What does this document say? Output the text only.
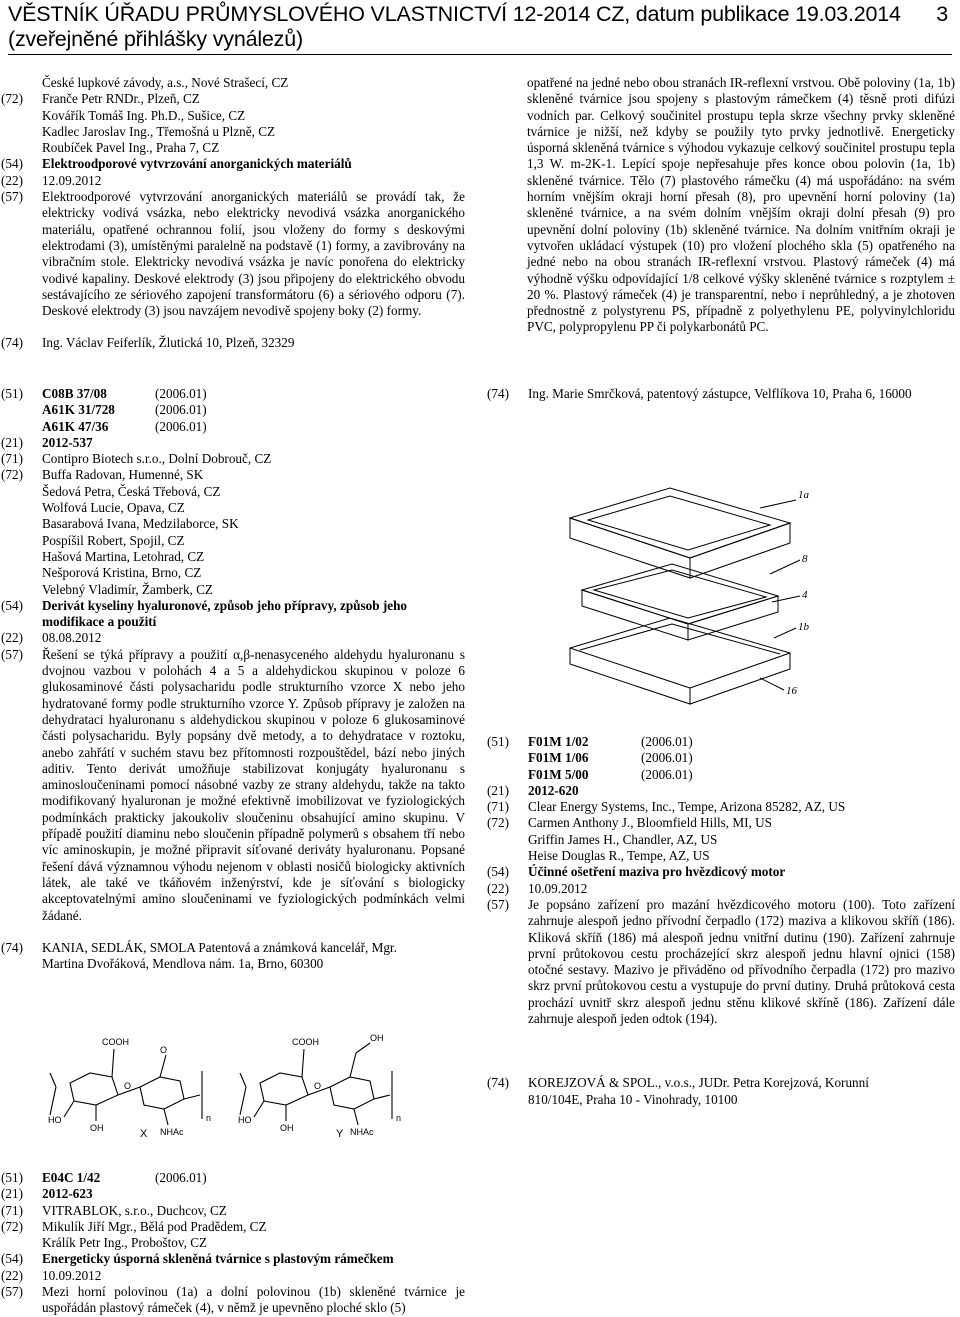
VĚSTNÍK ÚŘADU PRŮMYSLOVÉHO VLASTNICTVÍ 12-2014 CZ, datum publikace 19.03.2014
(zveřejněné přihlášky vynálezů)
3
České lupkové závody, a.s., Nové Strašecí, CZ
(72)	Franče Petr RNDr., Plzeň, CZ
Kovářík Tomáš Ing. Ph.D., Sušice, CZ
Kadlec Jaroslav Ing., Třemošná u Plzně, CZ
Roubíček Pavel Ing., Praha 7, CZ
(54)	Elektroodporové vytvrzování anorganických materiálů
(22)	12.09.2012
(57)	Elektroodporové vytvrzování anorganických materiálů se provádí tak, že elektricky vodivá vsázka, nebo elektricky nevodivá vsázka anorganického materiálu, opatřené ochrannou folií, jsou vloženy do formy s deskovými elektrodami (3), umístěnými paralelně na podstavě (1) formy, a zavibrovány na vibračním stole. Elektricky nevodivá vsázka je navíc ponořena do elektricky vodivé kapaliny. Deskové elektrody (3) jsou připojeny do elektrického obvodu sestávajícího ze sériového zapojení transformátoru (6) a sériového odporu (7). Deskové elektrody (3) jsou navzájem nevodivě spojeny boky (2) formy.
(74)	Ing. Václav Feiferlík, Žlutická 10, Plzeň, 32329
(51)	C08B 37/08	(2006.01)
A61K 31/728	(2006.01)
A61K 47/36	(2006.01)
(21)	2012-537
(71)	Contipro Biotech s.r.o., Dolní Dobrouč, CZ
(72)	Buffa Radovan, Humenné, SK
Šedová Petra, Česká Třebová, CZ
Wolfová Lucie, Opava, CZ
Basarabová Ivana, Medzilaborce, SK
Pospíšil Robert, Spojil, CZ
Hašová Martina, Letohrad, CZ
Nešporová Kristina, Brno, CZ
Velebný Vladimír, Žamberk, CZ
(54)	Derivát kyseliny hyaluronové, způsob jeho přípravy, způsob jeho modifikace a použití
(22)	08.08.2012
(57)	Řešení se týká přípravy a použití α,β-nenasyceného aldehydu hyaluronanu s dvojnou vazbou v polohách 4 a 5 a aldehydickou skupinou v poloze 6 glukosaminové části polysacharidu podle strukturního vzorce X nebo jeho hydratované formy podle strukturního vzorce Y. Způsob přípravy je založen na dehydrataci hyaluronanu s aldehydickou skupinou v poloze 6 glukosaminové části polysacharidu. Byly popsány dvě metody, a to dehydratace v roztoku, anebo zahřátí v suchém stavu bez přítomnosti rozpouštědel, bází nebo jiných aditiv. Tento derivát umožňuje stabilizovat konjugáty hyaluronanu s aminosloučeninami pomocí násobné vazby ze strany aldehydu, takže na takto modifikovaný hyaluronan je možné efektivně imobilizovat ve fyziologických podmínkách prakticky jakoukoliv sloučeninu obsahující amino skupinu. V případě použití diaminu nebo sloučenin případně polymerů s obsahem tří nebo víc aminoskupin, je možné připravit síťované deriváty hyaluronanu. Popsané řešení dává významnou výhodu nejenom v oblasti nosičů biologicky aktivních látek, ale také ve tkáňovém inženýrství, kde je síťování s biologicky akceptovatelnými amino sloučeninami ve fyziologických podmínkách velmi žádané.
(74)	KANIA, SEDLÁK, SMOLA Patentová a známková kancelář, Mgr.
Martina Dvořáková, Mendlova nám. 1a, Brno, 60300
COOH
OH
HO
O
NHAc
O
n
COOH
OH
HO
O
NHAc
OH
n
X	Y
(51)	E04C 1/42	(2006.01)
(21)	2012-623
(71)	VITRABLOK, s.r.o., Duchcov, CZ
(72)	Mikulík Jiří Mgr., Bělá pod Pradědem, CZ
Králík Petr Ing., Proboštov, CZ
(54)	Energeticky úsporná skleněná tvárnice s plastovým rámečkem
(22)	10.09.2012
(57)	Mezi horní polovinou (1a) a dolní polovinou (1b) skleněné tvárnice je uspořádán plastový rámeček (4), v němž je upevněno ploché sklo (5)
opatřené na jedné nebo obou stranách IR-reflexní vrstvou. Obě poloviny (1a, 1b) skleněné tvárnice jsou spojeny s plastovým rámečkem (4) těsně proti difúzi vodních par. Celkový součinitel prostupu tepla skrze všechny prvky skleněné tvárnice je nižší, než kdyby se použily tyto prvky jednotlivě. Energeticky úsporná skleněná tvárnice s výhodou vykazuje celkový součinitel prostupu tepla 1,3 W. m-2K-1. Lepící spoje nepřesahuje přes konce obou polovin (1a, 1b) skleněné tvárnice. Tělo (7) plastového rámečku (4) má uspořádáno: na svém horním vnějším okraji horní přesah (8), pro upevnění horní poloviny (1a) skleněné tvárnice, a na svém dolním vnějším okraji dolní přesah (9) pro upevnění dolní poloviny (1b) skleněné tvárnice. Na dolním vnitřním okraji je vytvořen ukládací výstupek (10) pro vložení plochého skla (5) opatřeného na jedné nebo na obou stranách IR-reflexní vrstvou. Plastový rámeček (4) má výhodně výšku odpovídající 1/8 celkové výšky skleněné tvárnice s rozptylem ± 20 %. Plastový rámeček (4) je transparentní, nebo i neprůhledný, a je zhotoven přednostně z polystyrenu PS, případně z polyethylenu PE, polyvinylchloridu PVC, polypropylenu PP či polykarbonátů PC.
(74)	Ing. Marie Smrčková, patentový zástupce, Velflíkova 10, Praha 6, 16000
1a
8
4
1b
16
(51)	F01M 1/02	(2006.01)
F01M 1/06	(2006.01)
F01M 5/00	(2006.01)
(21)	2012-620
(71)	Clear Energy Systems, Inc., Tempe, Arizona 85282, AZ, US
(72)	Carmen Anthony J., Bloomfield Hills, MI, US
Griffin James H., Chandler, AZ, US
Heise Douglas R., Tempe, AZ, US
(54)	Účinné ošetření maziva pro hvězdicový motor
(22)	10.09.2012
(57)	Je popsáno zařízení pro mazání hvězdicového motoru (100). Toto zařízení zahrnuje alespoň jedno přívodní čerpadlo (172) maziva a klikovou skříň (186). Kliková skříň (186) má alespoň jednu vnitřní dutinu (190). Zařízení zahrnuje první průtokovou cestu procházející skrz alespoň jednu hlavní ojnici (158) otočné sestavy. Mazivo je přiváděno od přívodního čerpadla (172) pro mazivo skrz první průtokovou cestu a vystupuje do první dutiny. Druhá průtoková cesta prochází uvnitř skrz alespoň jednu stěnu klikové skříně (186). Zařízení dále zahrnuje alespoň jeden odtok (194).
(74)	KOREJZOVÁ & SPOL., v.o.s., JUDr. Petra Korejzová, Korunní
810/104E, Praha 10 - Vinohrady, 10100
